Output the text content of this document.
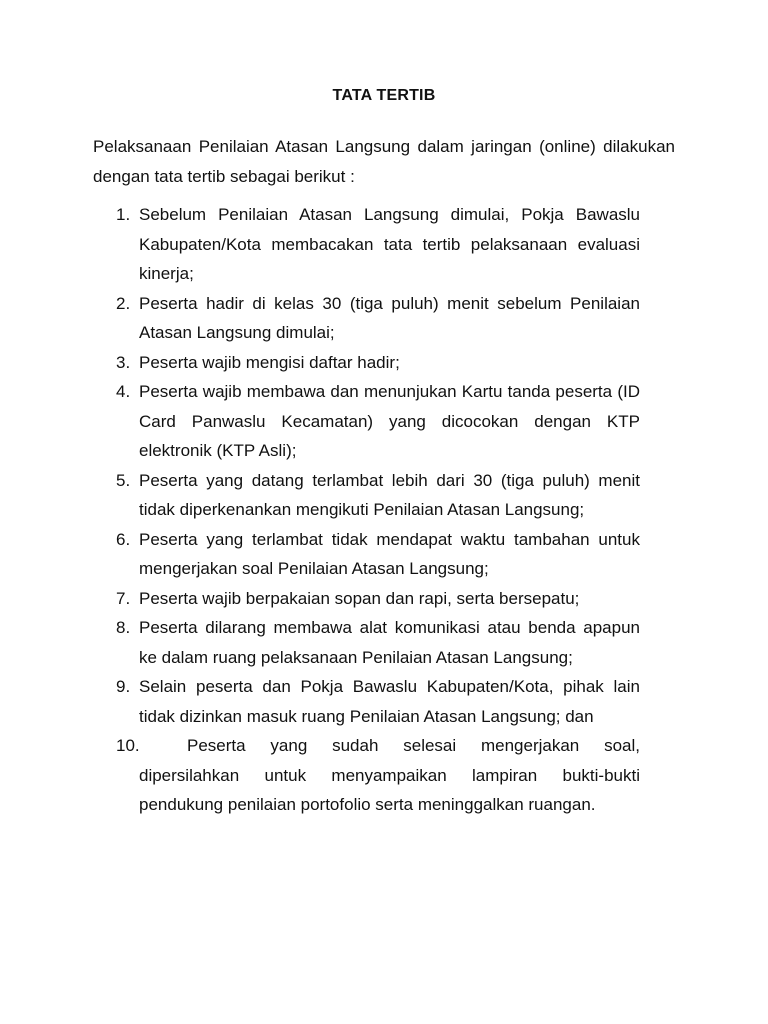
TATA TERTIB

Pelaksanaan Penilaian Atasan Langsung dalam jaringan (online) dilakukan dengan tata tertib sebagai berikut :

1. Sebelum Penilaian Atasan Langsung dimulai, Pokja Bawaslu Kabupaten/Kota membacakan tata tertib pelaksanaan evaluasi kinerja;
2. Peserta hadir di kelas 30 (tiga puluh) menit sebelum Penilaian Atasan Langsung dimulai;
3. Peserta wajib mengisi daftar hadir;
4. Peserta wajib membawa dan menunjukan Kartu tanda peserta (ID Card Panwaslu Kecamatan) yang dicocokan dengan KTP elektronik (KTP Asli);
5. Peserta yang datang terlambat lebih dari 30 (tiga puluh) menit tidak diperkenankan mengikuti Penilaian Atasan Langsung;
6. Peserta yang terlambat tidak mendapat waktu tambahan untuk mengerjakan soal Penilaian Atasan Langsung;
7. Peserta wajib berpakaian sopan dan rapi, serta bersepatu;
8. Peserta dilarang membawa alat komunikasi atau benda apapun ke dalam ruang pelaksanaan Penilaian Atasan Langsung;
9. Selain peserta dan Pokja Bawaslu Kabupaten/Kota, pihak lain tidak dizinkan masuk ruang Penilaian Atasan Langsung; dan
10.	Peserta yang sudah selesai mengerjakan soal, dipersilahkan untuk menyampaikan lampiran bukti-bukti pendukung penilaian portofolio serta meninggalkan ruangan.
